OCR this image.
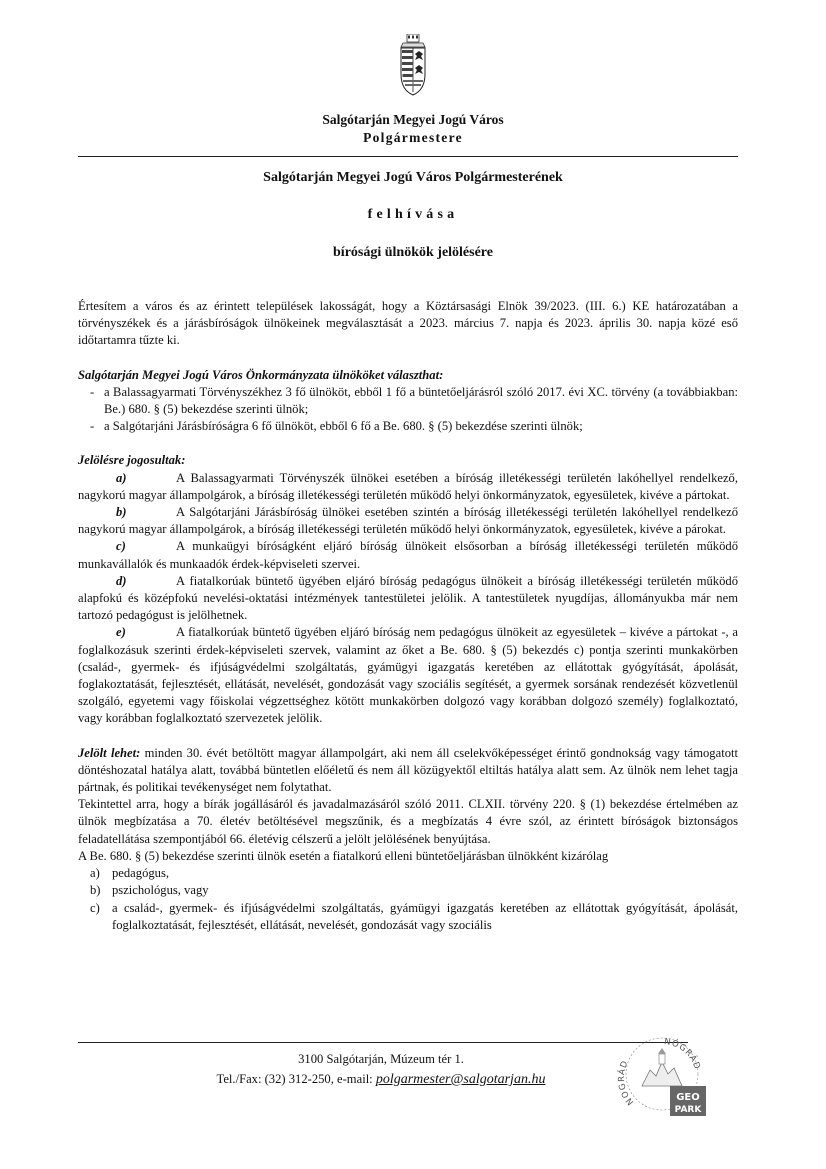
Salgótarján Megyei Jogú Város
Polgármestere
Salgótarján Megyei Jogú Város Polgármesterének
felhívása
bírósági ülnökök jelölésére

Értesítem a város és az érintett települések lakosságát, hogy a Köztársasági Elnök 39/2023. (III. 6.) KE határozatában a törvényszékek és a járásbíróságok ülnökeinek megválasztását a 2023. március 7. napja és 2023. április 30. napja közé eső időtartamra tűzte ki.

Salgótarján Megyei Jogú Város Önkormányzata ülnököket választhat:

- a Balassagyarmati Törvényszékhez 3 fő ülnököt, ebből 1 fő a büntetőeljárásról szóló 2017. évi XC. törvény (a továbbiakban: Be.) 680. § (5) bekezdése szerinti ülnök;
- a Salgótarjáni Járásbíróságra 6 fő ülnököt, ebből 6 fő a Be. 680. § (5) bekezdése szerinti ülnök;

Jelölésre jogosultak:

a)	A Balassagyarmati Törvényszék ülnökei esetében a bíróság illetékességi területén lakóhellyel rendelkező, nagykorú magyar állampolgárok, a bíróság illetékességi területén működő helyi önkormányzatok, egyesületek, kivéve a pártokat.

b)	A Salgótarjáni Járásbíróság ülnökei esetében szintén a bíróság illetékességi területén lakóhellyel rendelkező nagykorú magyar állampolgárok, a bíróság illetékességi területén működő helyi önkormányzatok, egyesületek, kivéve a párokat.

c)	A munkaügyi bíróságként eljáró bíróság ülnökeit elsősorban a bíróság illetékességi területén működő munkavállalók és munkaadók érdek-képviseleti szervei.

d)	A fiatalkorúak büntető ügyében eljáró bíróság pedagógus ülnökeit a bíróság illetékességi területén működő alapfokú és középfokú nevelési-oktatási intézmények tantestületei jelölik. A tantestületek nyugdíjas, állományukba már nem tartozó pedagógust is jelölhetnek.

e)	A fiatalkorúak büntető ügyében eljáró bíróság nem pedagógus ülnökeit az egyesületek – kivéve a pártokat -, a foglalkozásuk szerinti érdek-képviseleti szervek, valamint az őket a Be. 680. § (5) bekezdés c) pontja szerinti munkakörben (család-, gyermek- és ifjúságvédelmi szolgáltatás, gyámügyi igazgatás keretében az ellátottak gyógyítását, ápolását, foglakoztatását, fejlesztését, ellátását, nevelését, gondozását vagy szociális segítését, a gyermek sorsának rendezését közvetlenül szolgáló, egyetemi vagy főiskolai végzettséghez kötött munkakörben dolgozó vagy korábban dolgozó személy) foglalkoztató, vagy korábban foglalkoztató szervezetek jelölik.

Jelölt lehet: minden 30. évét betöltött magyar állampolgárt, aki nem áll cselekvőképességet érintő gondnokság vagy támogatott döntéshozatal hatálya alatt, továbbá büntetlen előéletű és nem áll közügyektől eltiltás hatálya alatt sem. Az ülnök nem lehet tagja pártnak, és politikai tevékenységet nem folytathat.

Tekintettel arra, hogy a bírák jogállásáról és javadalmazásáról szóló 2011. CLXII. törvény 220. § (1) bekezdése értelmében az ülnök megbízatása a 70. életév betöltésével megszűnik, és a megbízatás 4 évre szól, az érintett bíróságok biztonságos feladatellátása szempontjából 66. életévig célszerű a jelölt jelölésének benyújtása.

A Be. 680. § (5) bekezdése szerinti ülnök esetén a fiatalkorú elleni büntetőeljárásban ülnökként kizárólag

a) pedagógus,
b) pszichológus, vagy
c) a család-, gyermek- és ifjúságvédelmi szolgáltatás, gyámügyi igazgatás keretében az ellátottak gyógyítását, ápolását, foglalkoztatását, fejlesztését, ellátását, nevelését, gondozását vagy szociális
3100 Salgótarján, Múzeum tér 1.
Tel./Fax: (32) 312-250, e-mail: polgarmester@salgotarjan.hu
NOGRÁD
NÓGRÁD
GEO
PARK
